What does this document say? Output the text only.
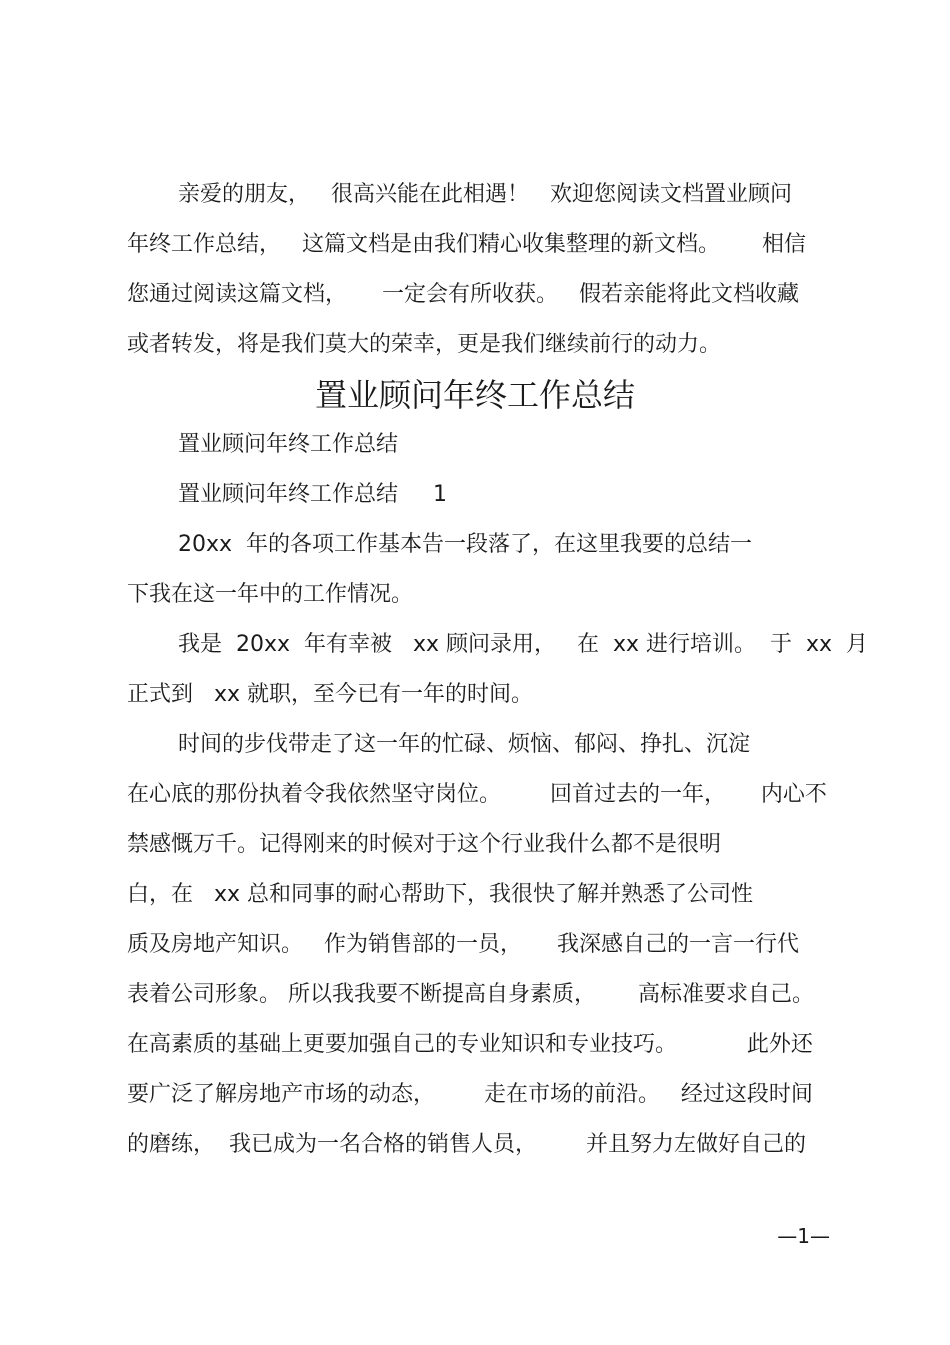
亲爱的朋友，   很高兴能在此相遇！   欢迎您阅读文档置业顾问
年终工作总结，   这篇文档是由我们精心收集整理的新文档。      相信
您通过阅读这篇文档，     一定会有所收获。   假若亲能将此文档收藏
或者转发，将是我们莫大的荣幸，更是我们继续前行的动力。
置业顾问年终工作总结
置业顾问年终工作总结
置业顾问年终工作总结     1
20xx  年的各项工作基本告一段落了，在这里我要的总结一
下我在这一年中的工作情况。
我是  20xx  年有幸被   xx 顾问录用，   在  xx 进行培训。  于  xx  月
正式到   xx 就职，至今已有一年的时间。
时间的步伐带走了这一年的忙碌、烦恼、郁闷、挣扎、沉淀
在心底的那份执着令我依然坚守岗位。       回首过去的一年，     内心不
禁感慨万千。记得刚来的时候对于这个行业我什么都不是很明
白，在   xx 总和同事的耐心帮助下，我很快了解并熟悉了公司性
质及房地产知识。   作为销售部的一员，     我深感自己的一言一行代
表着公司形象。 所以我我要不断提高自身素质，      高标准要求自己。
在高素质的基础上更要加强自己的专业知识和专业技巧。          此外还
要广泛了解房地产市场的动态，       走在市场的前沿。   经过这段时间
的磨练，  我已成为一名合格的销售人员，       并且努力左做好自己的
—1—
